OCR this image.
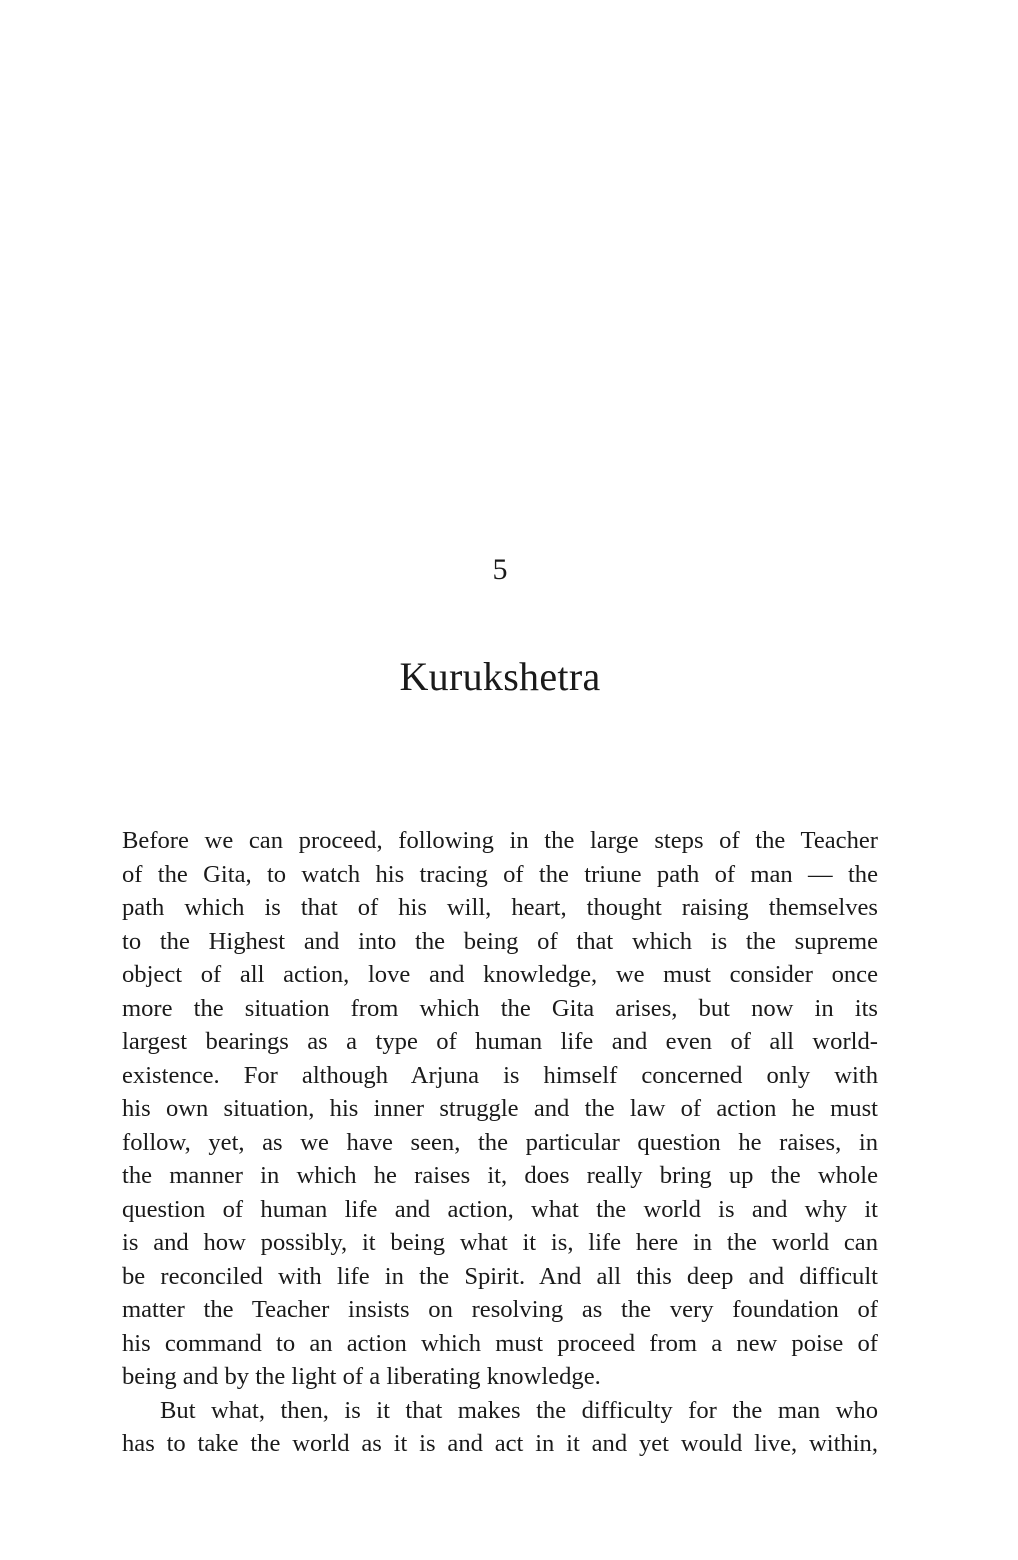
5
Kurukshetra
Before we can proceed, following in the large steps of the Teacher
of the Gita, to watch his tracing of the triune path of man — the
path which is that of his will, heart, thought raising themselves
to the Highest and into the being of that which is the supreme
object of all action, love and knowledge, we must consider once
more the situation from which the Gita arises, but now in its
largest bearings as a type of human life and even of all world-
existence. For although Arjuna is himself concerned only with
his own situation, his inner struggle and the law of action he must
follow, yet, as we have seen, the particular question he raises, in
the manner in which he raises it, does really bring up the whole
question of human life and action, what the world is and why it
is and how possibly, it being what it is, life here in the world can
be reconciled with life in the Spirit. And all this deep and difficult
matter the Teacher insists on resolving as the very foundation of
his command to an action which must proceed from a new poise of
being and by the light of a liberating knowledge.
But what, then, is it that makes the difficulty for the man who
has to take the world as it is and act in it and yet would live, within,
